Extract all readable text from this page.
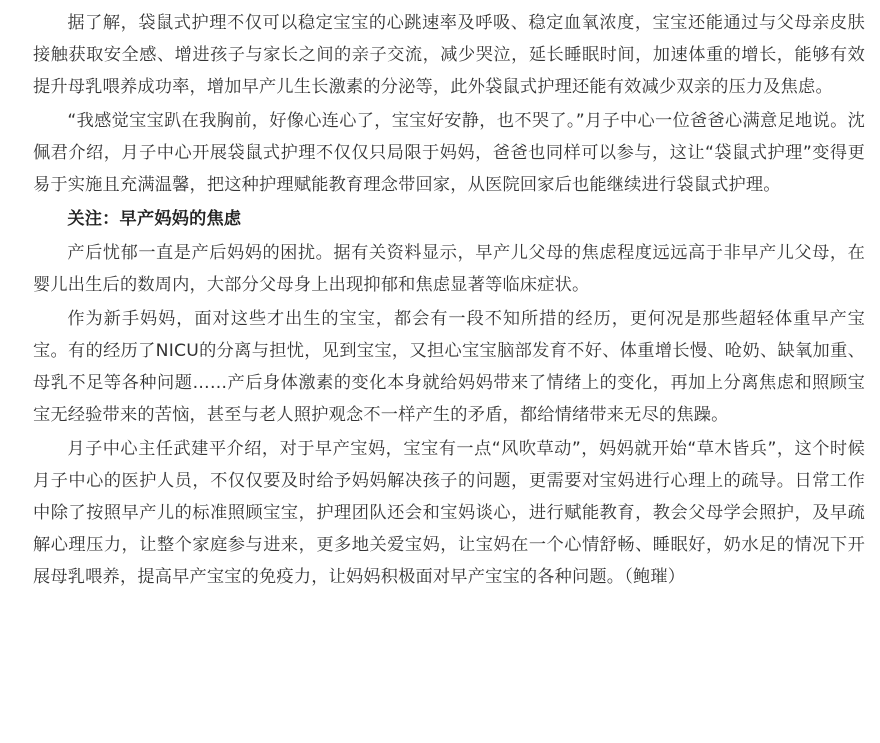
据了解，袋鼠式护理不仅可以稳定宝宝的心跳速率及呼吸、稳定血氧浓度，宝宝还能通过与父母亲皮肤接触获取安全感、增进孩子与家长之间的亲子交流，减少哭泣，延长睡眠时间，加速体重的增长，能够有效提升母乳喂养成功率，增加早产儿生长激素的分泌等，此外袋鼠式护理还能有效减少双亲的压力及焦虑。

“我感觉宝宝趴在我胸前，好像心连心了，宝宝好安静，也不哭了。”月子中心一位爸爸心满意足地说。沈佩君介绍，月子中心开展袋鼠式护理不仅仅只局限于妈妈，爸爸也同样可以参与，这让“袋鼠式护理”变得更易于实施且充满温馨，把这种护理赋能教育理念带回家，从医院回家后也能继续进行袋鼠式护理。

关注：早产妈妈的焦虑

产后忧郁一直是产后妈妈的困扰。据有关资料显示，早产儿父母的焦虑程度远远高于非早产儿父母，在婴儿出生后的数周内，大部分父母身上出现抑郁和焦虑显著等临床症状。

作为新手妈妈，面对这些才出生的宝宝，都会有一段不知所措的经历，更何况是那些超轻体重早产宝宝。有的经历了NICU的分离与担忧，见到宝宝，又担心宝宝脑部发育不好、体重增长慢、呛奶、缺氧加重、母乳不足等各种问题……产后身体激素的变化本身就给妈妈带来了情绪上的变化，再加上分离焦虑和照顾宝宝无经验带来的苦恼，甚至与老人照护观念不一样产生的矛盾，都给情绪带来无尽的焦躁。

月子中心主任武建平介绍，对于早产宝妈，宝宝有一点“风吹草动”，妈妈就开始“草木皆兵”，这个时候月子中心的医护人员，不仅仅要及时给予妈妈解决孩子的问题，更需要对宝妈进行心理上的疏导。日常工作中除了按照早产儿的标准照顾宝宝，护理团队还会和宝妈谈心，进行赋能教育，教会父母学会照护，及早疏解心理压力，让整个家庭参与进来，更多地关爱宝妈，让宝妈在一个心情舒畅、睡眠好，奶水足的情况下开展母乳喂养，提高早产宝宝的免疫力，让妈妈积极面对早产宝宝的各种问题。（鲍璀）
